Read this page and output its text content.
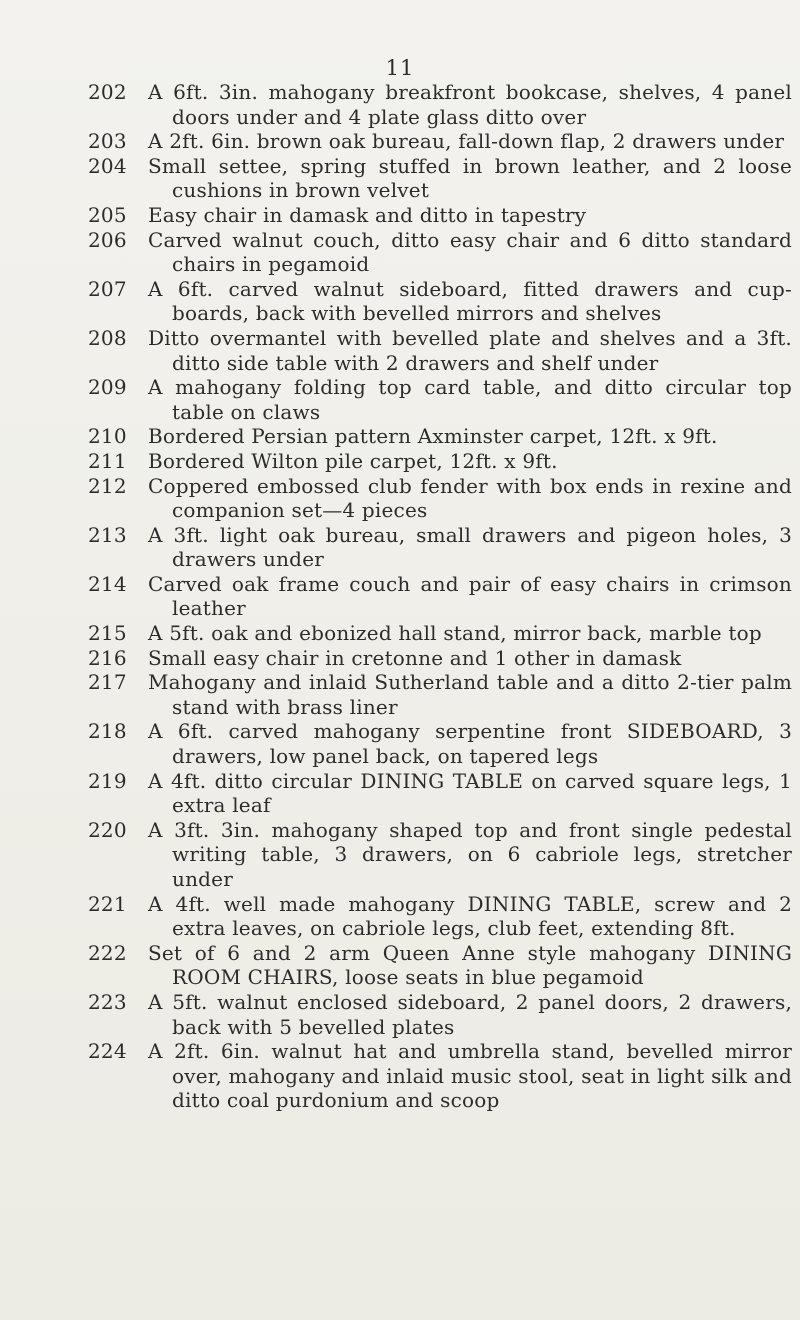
11
202	A 6ft. 3in. mahogany breakfront bookcase, shelves, 4 panel doors under and 4 plate glass ditto over
203	A 2ft. 6in. brown oak bureau, fall-down flap, 2 drawers under
204	Small settee, spring stuffed in brown leather, and 2 loose cushions in brown velvet
205	Easy chair in damask and ditto in tapestry
206	Carved walnut couch, ditto easy chair and 6 ditto standard chairs in pegamoid
207	A 6ft. carved walnut sideboard, fitted drawers and cup-boards, back with bevelled mirrors and shelves
208	Ditto overmantel with bevelled plate and shelves and a 3ft. ditto side table with 2 drawers and shelf under
209	A mahogany folding top card table, and ditto circular top table on claws
210	Bordered Persian pattern Axminster carpet, 12ft. x 9ft.
211	Bordered Wilton pile carpet, 12ft. x 9ft.
212	Coppered embossed club fender with box ends in rexine and companion set—4 pieces
213	A 3ft. light oak bureau, small drawers and pigeon holes, 3 drawers under
214	Carved oak frame couch and pair of easy chairs in crimson leather
215	A 5ft. oak and ebonized hall stand, mirror back, marble top
216	Small easy chair in cretonne and 1 other in damask
217	Mahogany and inlaid Sutherland table and a ditto 2-tier palm stand with brass liner
218	A 6ft. carved mahogany serpentine front SIDEBOARD, 3 drawers, low panel back, on tapered legs
219	A 4ft. ditto circular DINING TABLE on carved square legs, 1 extra leaf
220	A 3ft. 3in. mahogany shaped top and front single pedestal writing table, 3 drawers, on 6 cabriole legs, stretcher under
221	A 4ft. well made mahogany DINING TABLE, screw and 2 extra leaves, on cabriole legs, club feet, extending 8ft.
222	Set of 6 and 2 arm Queen Anne style mahogany DINING ROOM CHAIRS, loose seats in blue pegamoid
223	A 5ft. walnut enclosed sideboard, 2 panel doors, 2 drawers, back with 5 bevelled plates
224	A 2ft. 6in. walnut hat and umbrella stand, bevelled mirror over, mahogany and inlaid music stool, seat in light silk and ditto coal purdonium and scoop
